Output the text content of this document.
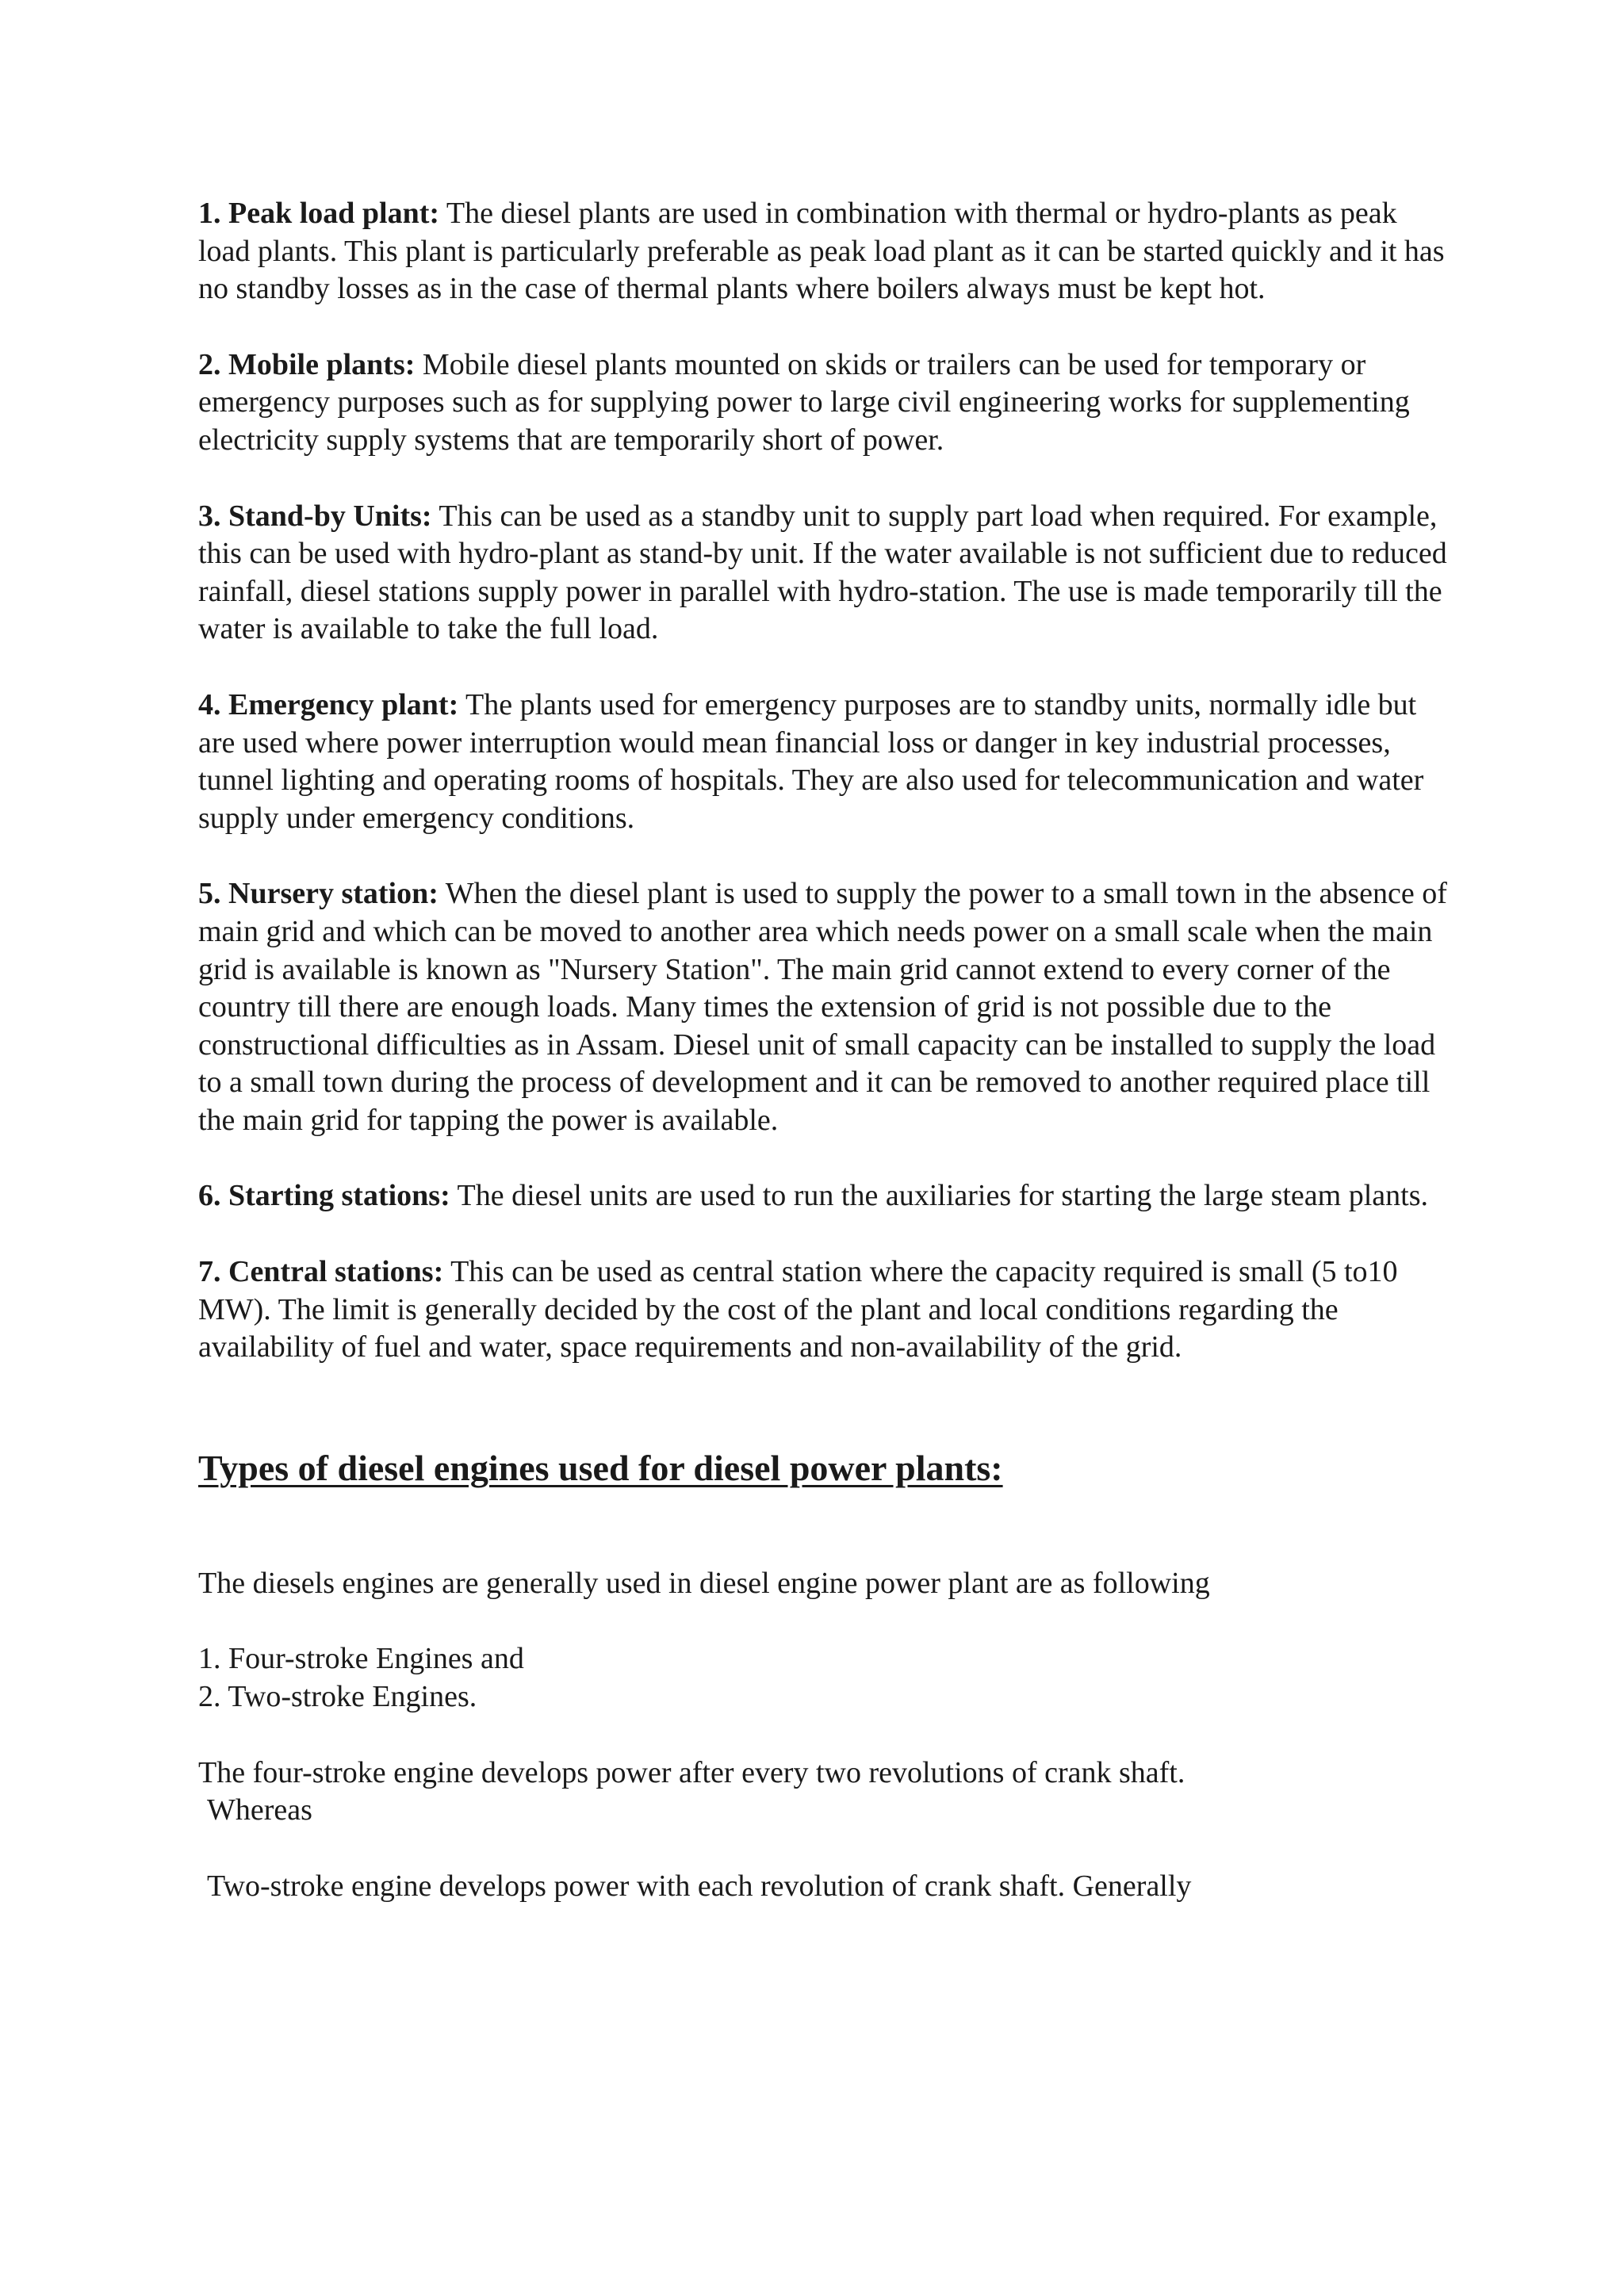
1. Peak load plant: The diesel plants are used in combination with thermal or hydro-plants as peak load plants. This plant is particularly preferable as peak load plant as it can be started quickly and it has no standby losses as in the case of thermal plants where boilers always must be kept hot.

2. Mobile plants: Mobile diesel plants mounted on skids or trailers can be used for temporary or emergency purposes such as for supplying power to large civil engineering works for supplementing electricity supply systems that are temporarily short of power.

3. Stand-by Units: This can be used as a standby unit to supply part load when required. For example, this can be used with hydro-plant as stand-by unit. If the water available is not sufficient due to reduced rainfall, diesel stations supply power in parallel with hydro-station. The use is made temporarily till the water is available to take the full load.

4. Emergency plant: The plants used for emergency purposes are to standby units, normally idle but are used where power interruption would mean financial loss or danger in key industrial processes, tunnel lighting and operating rooms of hospitals. They are also used for telecommunication and water supply under emergency conditions.

5. Nursery station: When the diesel plant is used to supply the power to a small town in the absence of main grid and which can be moved to another area which needs power on a small scale when the main grid is available is known as "Nursery Station". The main grid cannot extend to every corner of the country till there are enough loads. Many times the extension of grid is not possible due to the constructional difficulties as in Assam. Diesel unit of small capacity can be installed to supply the load to a small town during the process of development and it can be removed to another required place till the main grid for tapping the power is available.

6. Starting stations: The diesel units are used to run the auxiliaries for starting the large steam plants.

7. Central stations: This can be used as central station where the capacity required is small (5 to10 MW). The limit is generally decided by the cost of the plant and local conditions regarding the availability of fuel and water, space requirements and non-availability of the grid.

Types of diesel engines used for diesel power plants:

The diesels engines are generally used in diesel engine power plant are as following

1. Four-stroke Engines and
2. Two-stroke Engines.

The four-stroke engine develops power after every two revolutions of crank shaft.
Whereas

Two-stroke engine develops power with each revolution of crank shaft. Generally
